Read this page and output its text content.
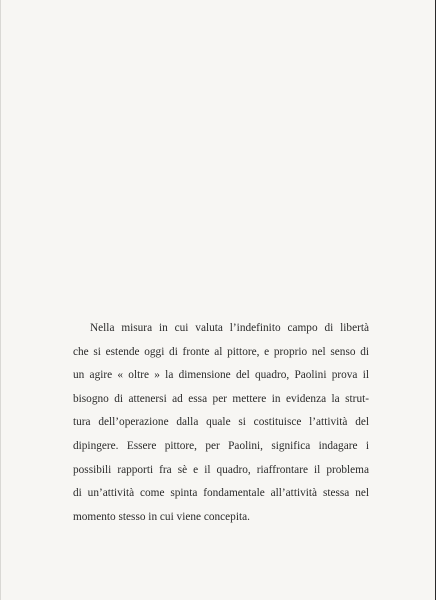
Nella misura in cui valuta l’indefinito campo di libertà
che si estende oggi di fronte al pittore, e proprio nel senso di
un agire « oltre » la dimensione del quadro, Paolini prova il
bisogno di attenersi ad essa per mettere in evidenza la strut-
tura dell’operazione dalla quale si costituisce l’attività del
dipingere. Essere pittore, per Paolini, significa indagare i
possibili rapporti fra sè e il quadro, riaffrontare il problema
di un’attività come spinta fondamentale all’attività stessa nel
momento stesso in cui viene concepita.
